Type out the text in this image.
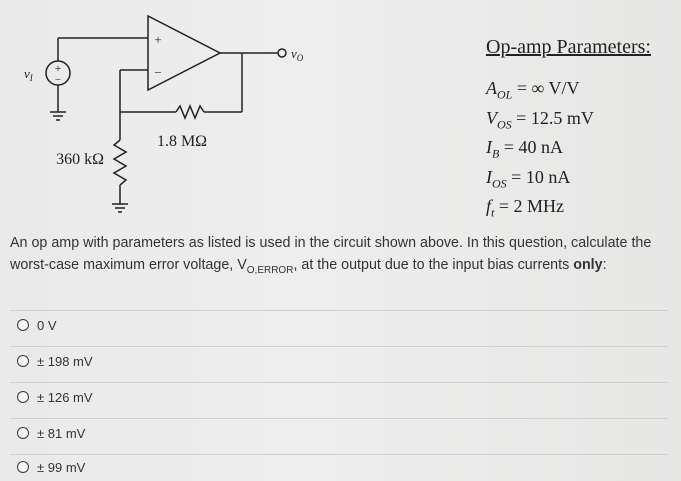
+
−
+
−
$v_I$
$v_O$
1.8 MΩ
360 kΩ
Op-amp Parameters:
$A_{OL}$ = ∞ V/V
$V_{OS} = 12.5$ mV
$I_B = 40$ nA
$I_{OS} = 10$ nA
$f_t = 2$ MHz
An op amp with parameters as listed is used in the circuit shown above. In this question, calculate the worst-case maximum error voltage, $V_{O,ERROR}$, at the output due to the input bias currents only:
0 V
± 198 mV
± 126 mV
± 81 mV
± 99 mV
